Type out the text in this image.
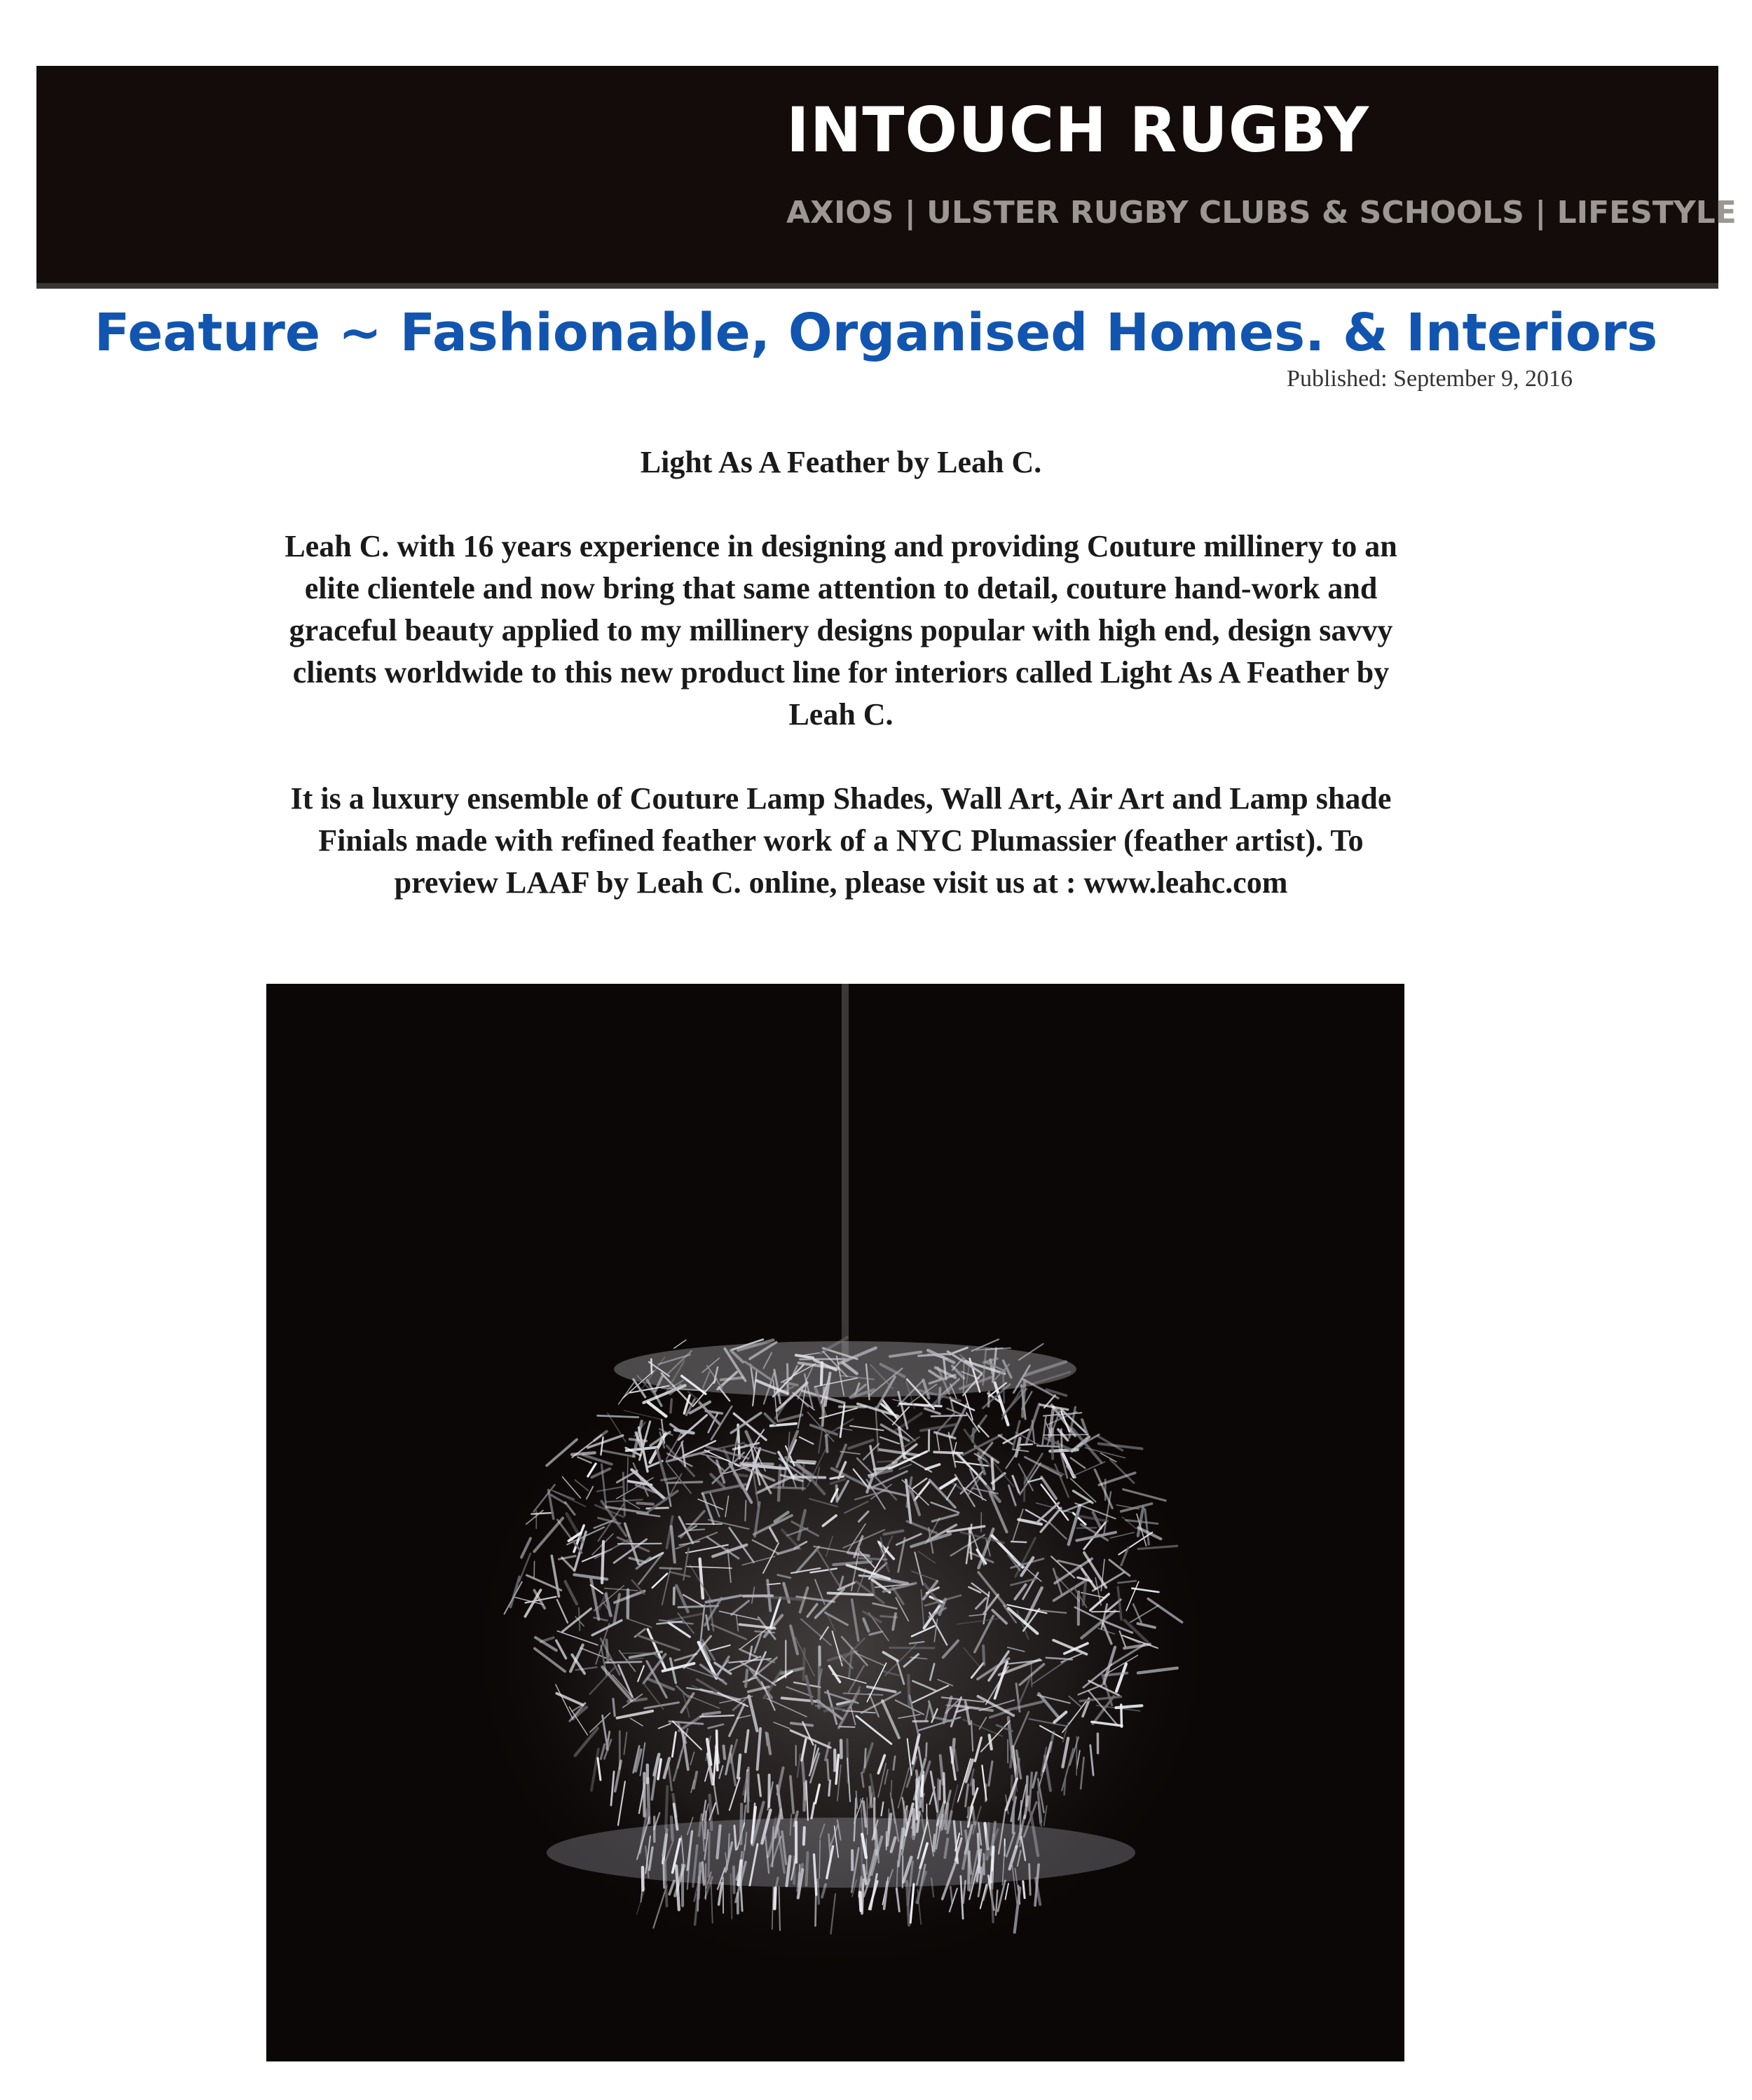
INTOUCH RUGBY
AXIOS | ULSTER RUGBY CLUBS & SCHOOLS | LIFESTYLE
Feature ~ Fashionable, Organised Homes. & Interiors
Published: September 9, 2016
Light As A Feather by Leah C.

Leah C. with 16 years experience in designing and providing Couture millinery to an elite clientele and now bring that same attention to detail, couture hand-work and graceful beauty applied to my millinery designs popular with high end, design savvy clients worldwide to this new product line for interiors called Light As A Feather by Leah C.

It is a luxury ensemble of Couture Lamp Shades, Wall Art, Air Art and Lamp shade Finials made with refined feather work of a NYC Plumassier (feather artist). To preview LAAF by Leah C. online, please visit us at : www.leahc.com
